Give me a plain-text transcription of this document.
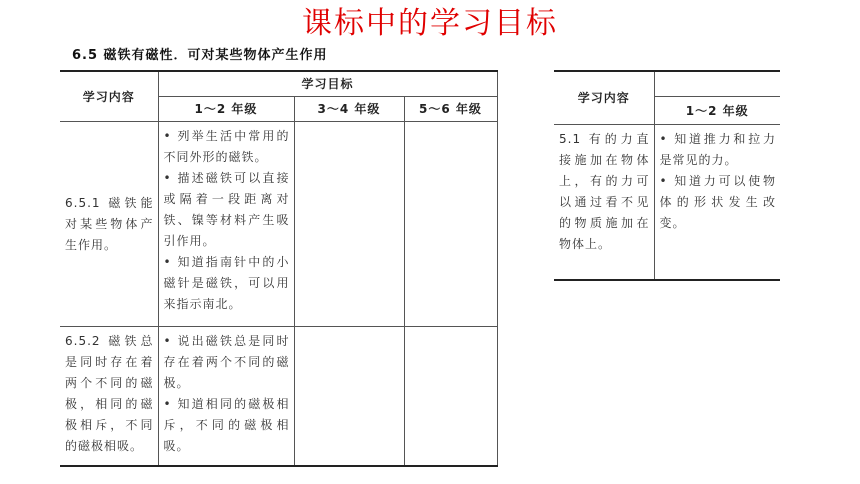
课标中的学习目标
6.5 磁铁有磁性．可对某些物体产生作用
学习内容	学习目标		
	1～2 年级	3～4 年级	5～6 年级

6.5.1 磁铁能对某些物体产生作用。	• 列举生活中常用的不同外形的磁铁。
• 描述磁铁可以直接或隔着一段距离对铁、镍等材料产生吸引作用。
• 知道指南针中的小磁针是磁铁，可以用来指示南北。		

6.5.2 磁铁总是同时存在着两个不同的磁极，相同的磁极相斥，不同的磁极相吸。	• 说出磁铁总是同时存在着两个不同的磁极。
• 知道相同的磁极相斥，不同的磁极相吸。		

学习内容	
	1～2 年级

5.1 有的力直接施加在物体上，有的力可以通过看不见的物质施加在物体上。	• 知道推力和拉力是常见的力。
• 知道力可以使物体的形状发生改变。
